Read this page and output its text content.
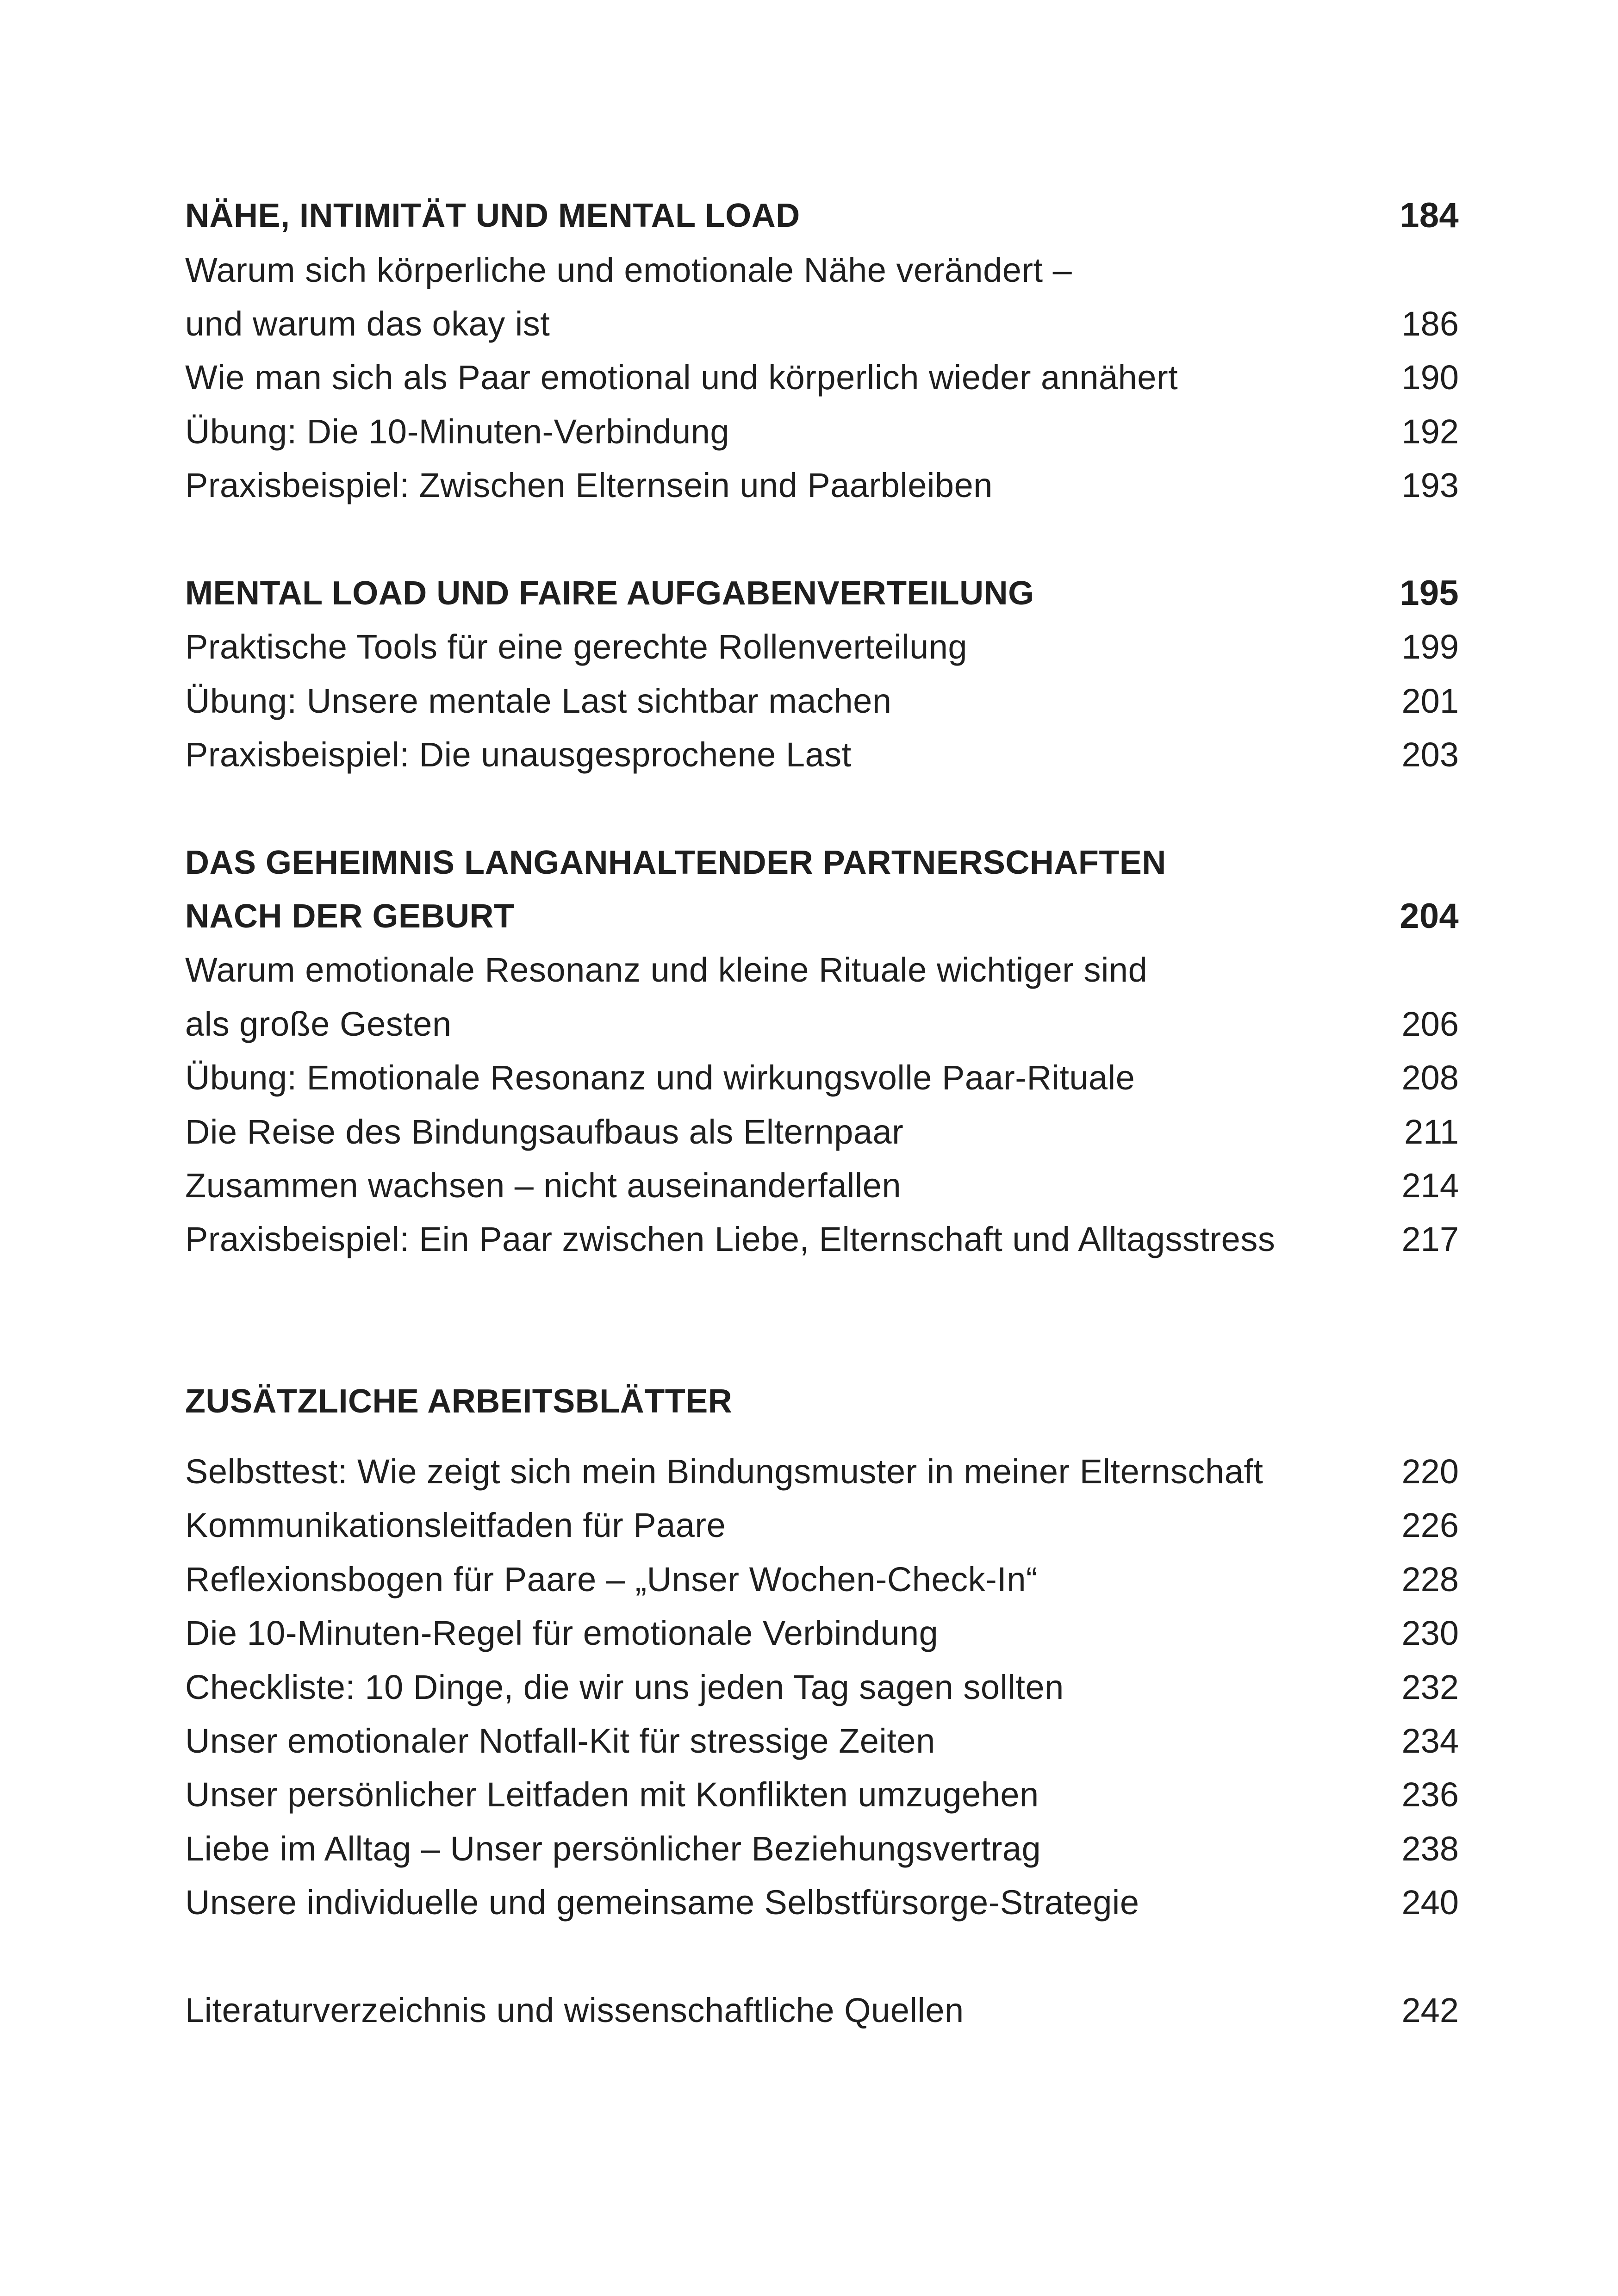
NÄHE, INTIMITÄT UND MENTAL LOAD	184
Warum sich körperliche und emotionale Nähe verändert –
und warum das okay ist	186
Wie man sich als Paar emotional und körperlich wieder annähert	190
Übung: Die 10-Minuten-Verbindung	192
Praxisbeispiel: Zwischen Elternsein und Paarbleiben	193
MENTAL LOAD UND FAIRE AUFGABENVERTEILUNG	195
Praktische Tools für eine gerechte Rollenverteilung	199
Übung: Unsere mentale Last sichtbar machen	201
Praxisbeispiel: Die unausgesprochene Last	203
DAS GEHEIMNIS LANGANHALTENDER PARTNERSCHAFTEN
NACH DER GEBURT	204
Warum emotionale Resonanz und kleine Rituale wichtiger sind
als große Gesten	206
Übung: Emotionale Resonanz und wirkungsvolle Paar-Rituale	208
Die Reise des Bindungsaufbaus als Elternpaar	211
Zusammen wachsen – nicht auseinanderfallen	214
Praxisbeispiel: Ein Paar zwischen Liebe, Elternschaft und Alltagsstress	217
ZUSÄTZLICHE ARBEITSBLÄTTER
Selbsttest: Wie zeigt sich mein Bindungsmuster in meiner Elternschaft	220
Kommunikationsleitfaden für Paare	226
Reflexionsbogen für Paare – „Unser Wochen-Check-In“	228
Die 10-Minuten-Regel für emotionale Verbindung	230
Checkliste: 10 Dinge, die wir uns jeden Tag sagen sollten	232
Unser emotionaler Notfall-Kit für stressige Zeiten	234
Unser persönlicher Leitfaden mit Konflikten umzugehen	236
Liebe im Alltag – Unser persönlicher Beziehungsvertrag	238
Unsere individuelle und gemeinsame Selbstfürsorge-Strategie	240
Literaturverzeichnis und wissenschaftliche Quellen	242
